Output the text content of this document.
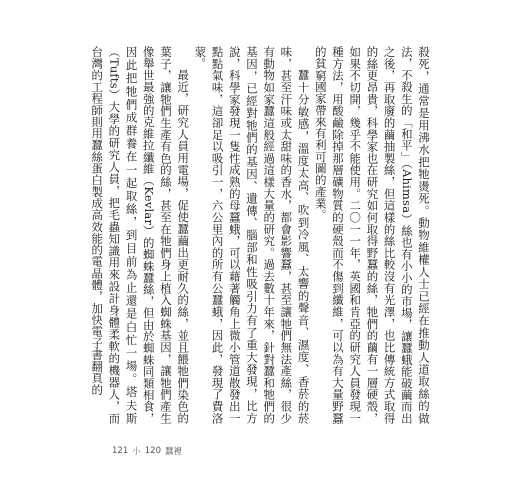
殺死，通常是用沸水把牠燙死。動物維權人士已經在推動人道取絲的做法，不殺生的「和平」（Ahimsa）絲也有小小的市場，讓蠶蛾能破繭而出之後，再取廢的繭抽製絲，但這樣的絲比較沒有光澤，也比傳統方式取得的絲更昂貴，科學家也在研究如何取得野蠶的絲，牠們的繭有一層硬殼，如果不切開，幾乎不能使用。二〇一一年，英國和肯亞的研究人員發現一種方法，用酸鹼除掉那層礦物質的硬殼而不傷到纖維，可以為有大量野蠶的貧窮國家帶來有利可圖的產業。

蠶十分敏感，溫度太高、吹到冷風、太響的聲音、濕度、香菸的菸味，甚至汗味或太甜味的香水，都會影響蠶，甚至讓牠們無法產絲，很少有動物如家蠶這般經過這樣大量的研究。過去數十年來，針對蠶和牠們的基因，已經對牠們的基因、遺傳、腦部和性吸引力有了重大發現，比方說，科學家發現一隻性成熟的母蠶蛾，可以藉著觸角上微小管道散發出一點點氣味，這卻足以吸引一，六公里內的所有公蠶蛾，因此，發現了費洛蒙。

最近，研究人員用電場，促使蠶繭出更耐久的絲，並且餵牠們染色的葉子，讓牠們生產有色的絲，甚至在牠們身上植入蜘蛛基因，讓牠們產生像舉世最強的克維拉纖維（Kevlar）的蜘蛛蠶絲，但由於蜘蛛同類相食，因此把牠們成群養在一起取絲，到目前為止還是白忙一場。塔夫斯（Tufts）大學的研究人員，把毛蟲知識用來設計身體柔軟的機器人，而台灣的工程師則用蠶絲蛋白製成高效能的電晶體，加快電子書翻頁的

121 小 120 蠶裡
